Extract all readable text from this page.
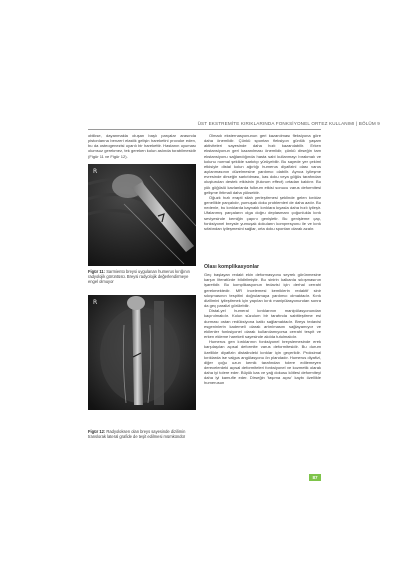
ÜST EKSTREMİTE KIRIKLARINDA FONKSİYONEL ORTEZ KULLANIMI | BÖLÜM 9

oblikse, dayanmakla oluşan başlı parçalar arasında pistonlarına benzeri elastik gelişin hareketini provoke eden, bu da osteogenezisi uyarılı bir harekettir. Hastanın uyuması olumsuz gerekmez, tek gereken kolun aslında torabilmesidir (Figür 11 ve Figür 12).

R
Figür 11: Sarmiento breysi uygulanan humerus kırığının radyolojik görüntüsü. Breysi radyolojik değerlendirmeye engel olmuyor
R
Figür 12: Radyoloksen olan breys sayesinde dizilimin translorak lateral grafide de teşit edilmesi mümkündür

Olmadı eksternasyonunun geri kazanılması fleksiyona göre daha önemlidir. Çünkü spontan fleksiyon günlük yaşam aktiviteleri sayesinde daha hızlı kazanılabilir. Erken ekstansiyonun geri kazanılması önemlidir, çünkü dirseğin tam ekstansiyonu sağlandığında hasta sabi kullanmayı bırakmalı ve kolunu normal şekilde sarkıtıp yürüyebilir. Bu sayede yer çekimi etkisiyle distal kolun ağırlığı humerus diyafizini olası varus açılanmasının düzelmesine yardımcı olabilir. Ayrıca iyileşme evresinde dirseğin sarkıtılması, kas doku veya göğüs tarafından oluşturulan destek etkisinin (fulcrum effect) ortadan kaldırır. Bu yük göğüslü kavlanlarda fulkrum etkisi sonucu varus deformitesi gelişme ihtimali daha yüksektir.

Oğuzk hızlı erapti silah yerleştirmesi şeklinde gelen kırıklar genellikle parçalıdır, yumuşak doku problemleri de daha azdır. Bu nedenle, bu kırıklarda kaynaklı kırıklara kıyasla daha hızlı iyileşir. Ufalanmış parçaların olga doğru deplasmanı çoğunlukla kırık seviyesinde kemiğin çapını genişletir. Bu genişleme çap, fonksiyonel breysle yumuşak dokuların kompresyonu ile ve kırık sıfatından iyileşmesini sağlar, orta doku spontan olarak azalır.

Olası komplikasyonlar

Geç başlayan redakt ekin deformasyonu seyrek görünmesine karşın literatürde bildirilmiştir. Bu sinirin kalkanla sıkışmasının işaretidir. Bu komplikasyonun tedavisi için derhal cerrahi gerekmektedir. MR incelemesi kemiklerin redaktif sinir sıkışmasının tespitini doğrulamaya yardımcı olmaktadır. Kırık dizilimini iyileştirmek için yapılan kırık manipülasyonundan sonra da geç paralizi görülebilir.

Distal-yel humeral kırıklarının manipülasyonundan kaçınılmalıdır. Kolun süzulum bir tarafında sabitleştirme esi durması ostan redüksiyona katkı sağlamaktadır. Breys tedavisi esgeninlerin kademeli olarak artırılmasını sağlayamıyor ve ekilenler fonksiyonel olarak kullanılamıyorsa cerrahi tespit ve erken ekleme hareketi sayesinde akılda tutulmalıdır.

Humerus gen kırıklarının fonksiyonel breyslemesinde erek karşılaşılan açısal deformite varus deformitesidir. Bu durum özellikle diyafizin distalindeki kırıklar için geçerlidir. Proksimal kırıklarda ise valgus angülasyonu ön plandadır. Humerus diyafizi, diğer çoğu uzun kemik tarafından tolere edilemeyen derecelerdeki açısal deformiteleri fonksiyonel ve kozmetik olarak daha iyi tolere eder. Büyük kas ve yağ dokusu kötlesi deformiteyi daha iyi kamufle eder. Dirseğin 'taşıma açısı' kaybı özellikle humerusun

87
